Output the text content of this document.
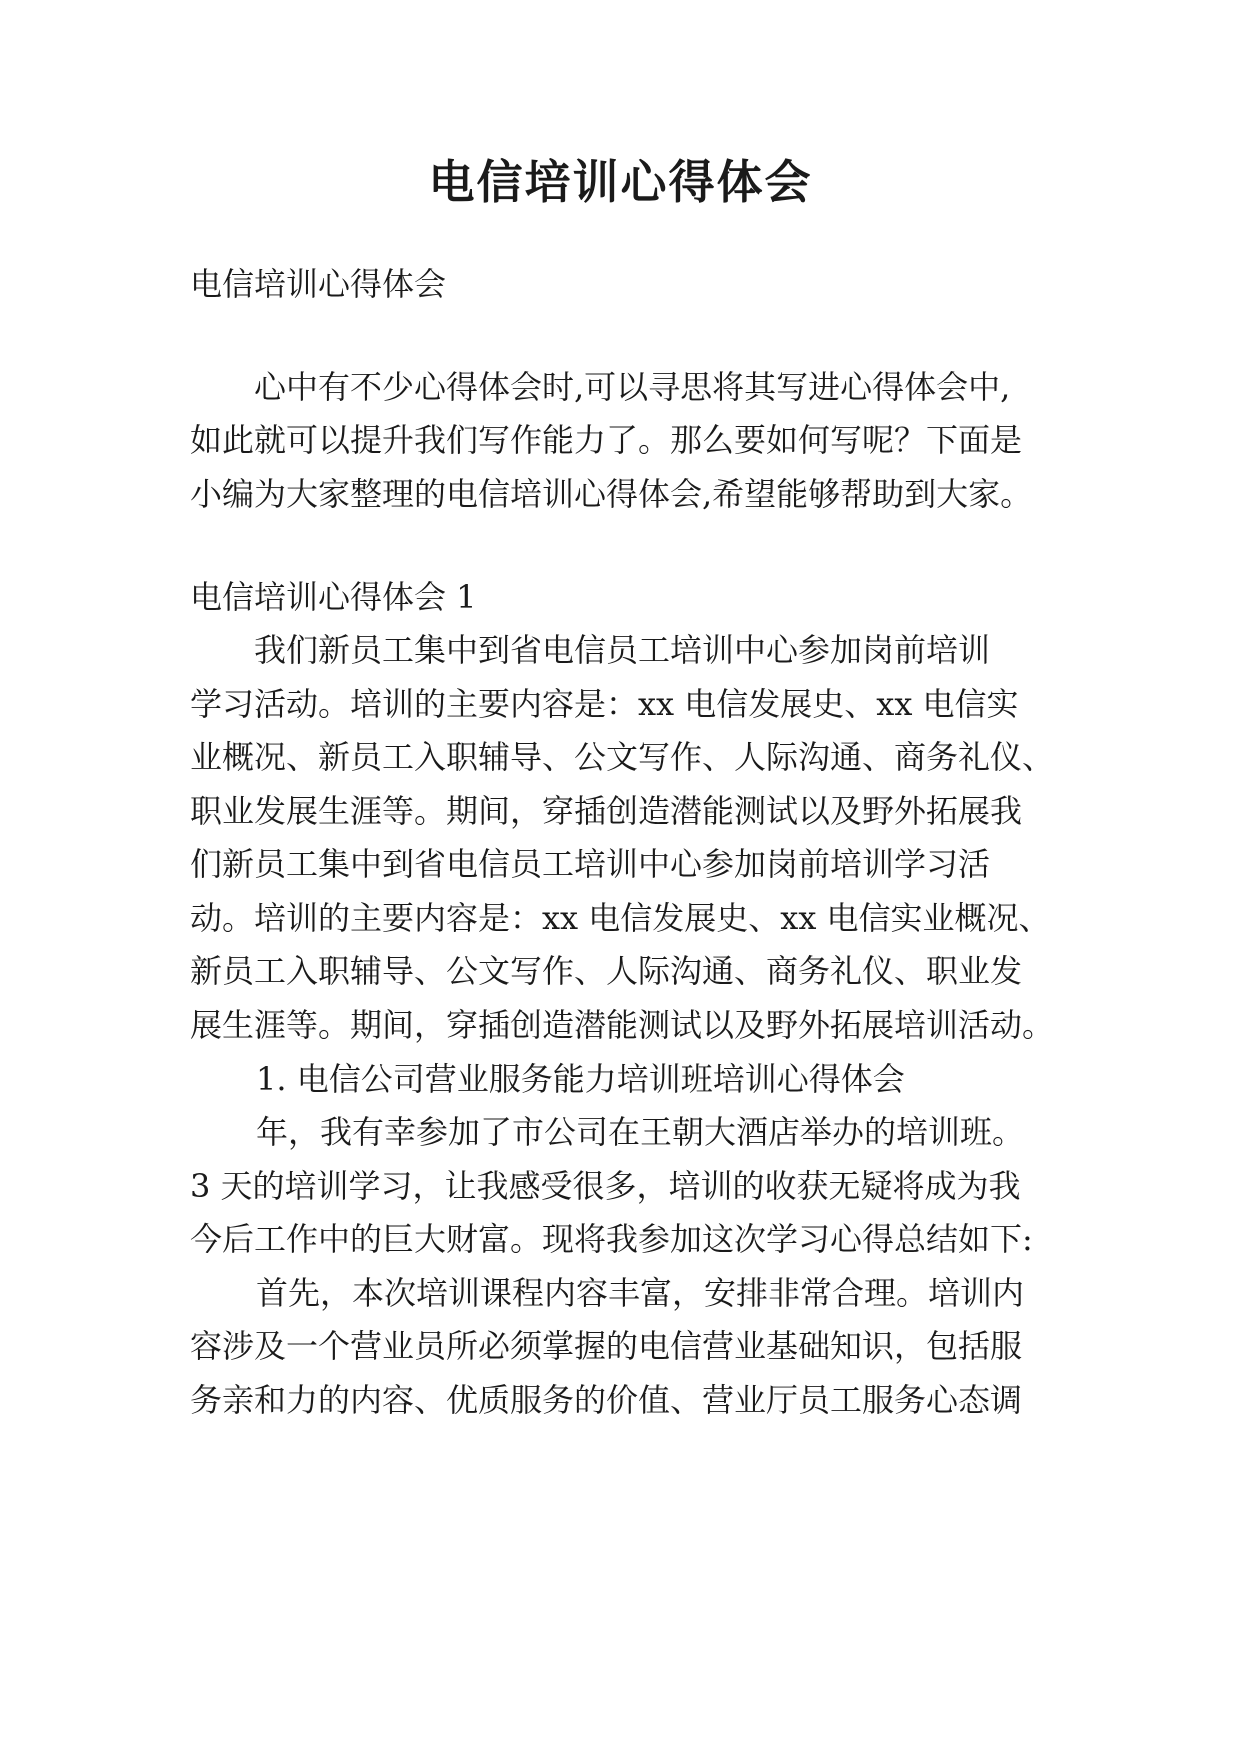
电信培训心得体会
电信培训心得体会
心中有不少心得体会时,可以寻思将其写进心得体会中,
如此就可以提升我们写作能力了。那么要如何写呢？下面是
小编为大家整理的电信培训心得体会,希望能够帮助到大家。
电信培训心得体会 1
我们新员工集中到省电信员工培训中心参加岗前培训
学习活动。培训的主要内容是：xx 电信发展史、xx 电信实
业概况、新员工入职辅导、公文写作、人际沟通、商务礼仪、
职业发展生涯等。期间，穿插创造潜能测试以及野外拓展我
们新员工集中到省电信员工培训中心参加岗前培训学习活
动。培训的主要内容是：xx 电信发展史、xx 电信实业概况、
新员工入职辅导、公文写作、人际沟通、商务礼仪、职业发
展生涯等。期间，穿插创造潜能测试以及野外拓展培训活动。
1. 电信公司营业服务能力培训班培训心得体会
年，我有幸参加了市公司在王朝大酒店举办的培训班。
3 天的培训学习，让我感受很多，培训的收获无疑将成为我
今后工作中的巨大财富。现将我参加这次学习心得总结如下:
首先，本次培训课程内容丰富，安排非常合理。培训内
容涉及一个营业员所必须掌握的电信营业基础知识，包括服
务亲和力的内容、优质服务的价值、营业厅员工服务心态调
